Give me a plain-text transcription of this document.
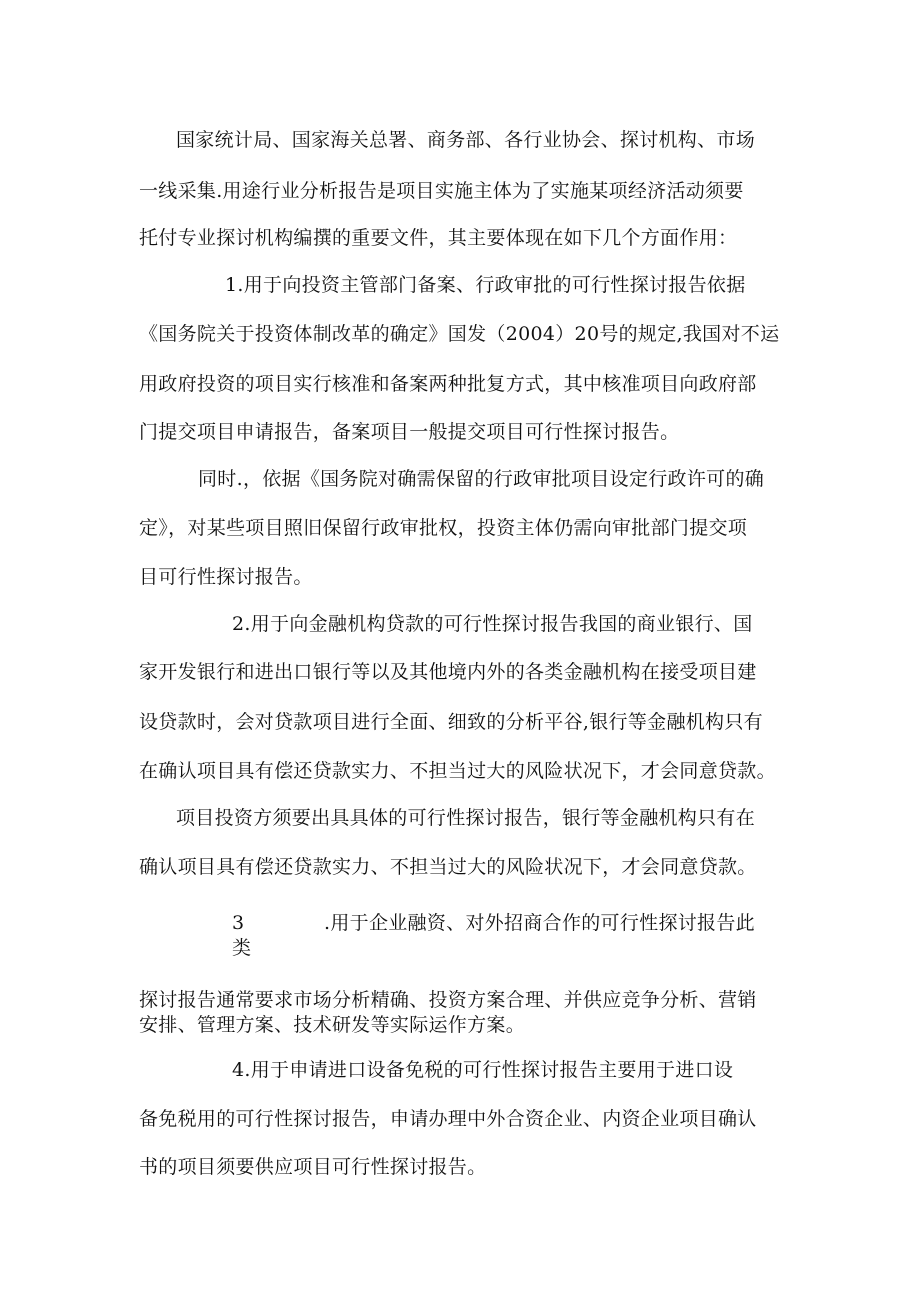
国家统计局、国家海关总署、商务部、各行业协会、探讨机构、市场
一线采集.用途行业分析报告是项目实施主体为了实施某项经济活动须要
托付专业探讨机构编撰的重要文件，其主要体现在如下几个方面作用：
1.用于向投资主管部门备案、行政审批的可行性探讨报告依据
《国务院关于投资体制改革的确定》国发（2004）20号的规定,我国对不运
用政府投资的项目实行核准和备案两种批复方式，其中核准项目向政府部
门提交项目申请报告，备案项目一般提交项目可行性探讨报告。
同时.，依据《国务院对确需保留的行政审批项目设定行政许可的确
定》，对某些项目照旧保留行政审批权，投资主体仍需向审批部门提交项
目可行性探讨报告。
2.用于向金融机构贷款的可行性探讨报告我国的商业银行、国
家开发银行和进出口银行等以及其他境内外的各类金融机构在接受项目建
设贷款时，会对贷款项目进行全面、细致的分析平谷,银行等金融机构只有
在确认项目具有偿还贷款实力、不担当过大的风险状况下，才会同意贷款。
项目投资方须要出具具体的可行性探讨报告，银行等金融机构只有在
确认项目具有偿还贷款实力、不担当过大的风险状况下，才会同意贷款。
3	.用于企业融资、对外招商合作的可行性探讨报告此
类
探讨报告通常要求市场分析精确、投资方案合理、并供应竞争分析、营销
安排、管理方案、技术研发等实际运作方案。
4.用于申请进口设备免税的可行性探讨报告主要用于进口设
备免税用的可行性探讨报告，申请办理中外合资企业、内资企业项目确认
书的项目须要供应项目可行性探讨报告。
